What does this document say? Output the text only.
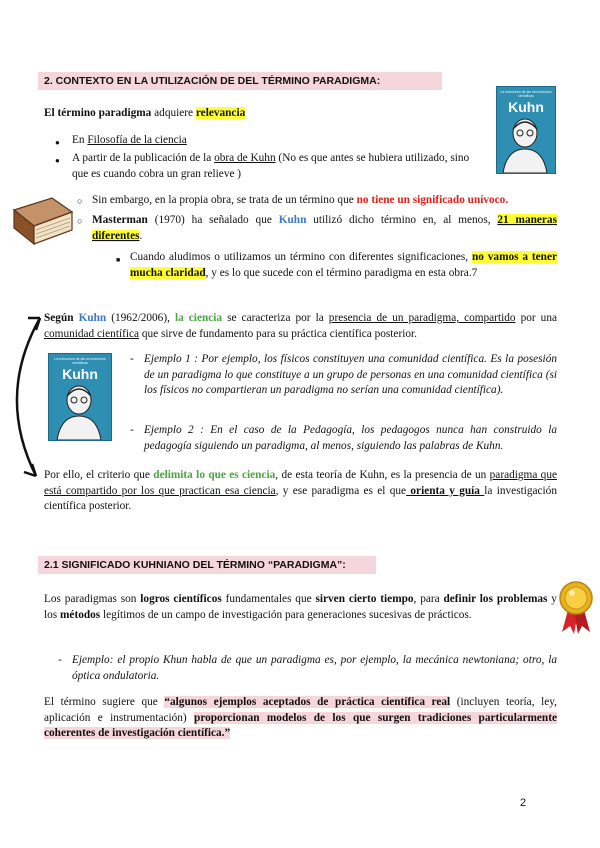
2. CONTEXTO EN LA UTILIZACIÓN DE DEL TÉRMINO PARADIGMA:
La estructura de las revoluciones científicas
Kuhn
El término paradigma adquiere relevancia
● En Filosofía de la ciencia
● A partir de la publicación de la obra de Kuhn (No es que antes se hubiera utilizado, sino que es cuando cobra un gran relieve )
○ Sin embargo, en la propia obra, se trata de un término que no tiene un significado unívoco.
○ Masterman (1970) ha señalado que Kuhn utilizó dicho término en, al menos, 21 maneras diferentes.
■ Cuando aludimos o utilizamos un término con diferentes significaciones, no vamos a tener mucha claridad, y es lo que sucede con el término paradigma en esta obra.7
Según Kuhn (1962/2006), la ciencia se caracteriza por la presencia de un paradigma, compartido por una comunidad científica que sirve de fundamento para su práctica científica posterior.
La estructura de las revoluciones científicas
Kuhn
- Ejemplo 1 : Por ejemplo, los físicos constituyen una comunidad científica. Es la posesión de un paradigma lo que constituye a un grupo de personas en una comunidad científica (si los físicos no compartieran un paradigma no serían una comunidad científica).
- Ejemplo 2 : En el caso de la Pedagogía, los pedagogos nunca han construido la pedagogía siguiendo un paradigma, al menos, siguiendo las palabras de Kuhn.
Por ello, el criterio que delimita lo que es ciencia, de esta teoría de Kuhn, es la presencia de un paradigma que está compartido por los que practican esa ciencia, y ese paradigma es el que orienta y guía la investigación científica posterior.
2.1 SIGNIFICADO KUHNIANO DEL TÉRMINO “PARADIGMA”:
Los paradigmas son logros científicos fundamentales que sirven cierto tiempo, para definir los problemas y los métodos legítimos de un campo de investigación para generaciones sucesivas de prácticos.
- Ejemplo: el propio Khun habla de que un paradigma es, por ejemplo, la mecánica newtoniana; otro, la óptica ondulatoria.
El término sugiere que “algunos ejemplos aceptados de práctica científica real (incluyen teoría, ley, aplicación e instrumentación) proporcionan modelos de los que surgen tradiciones particularmente coherentes de investigación científica.”
2
